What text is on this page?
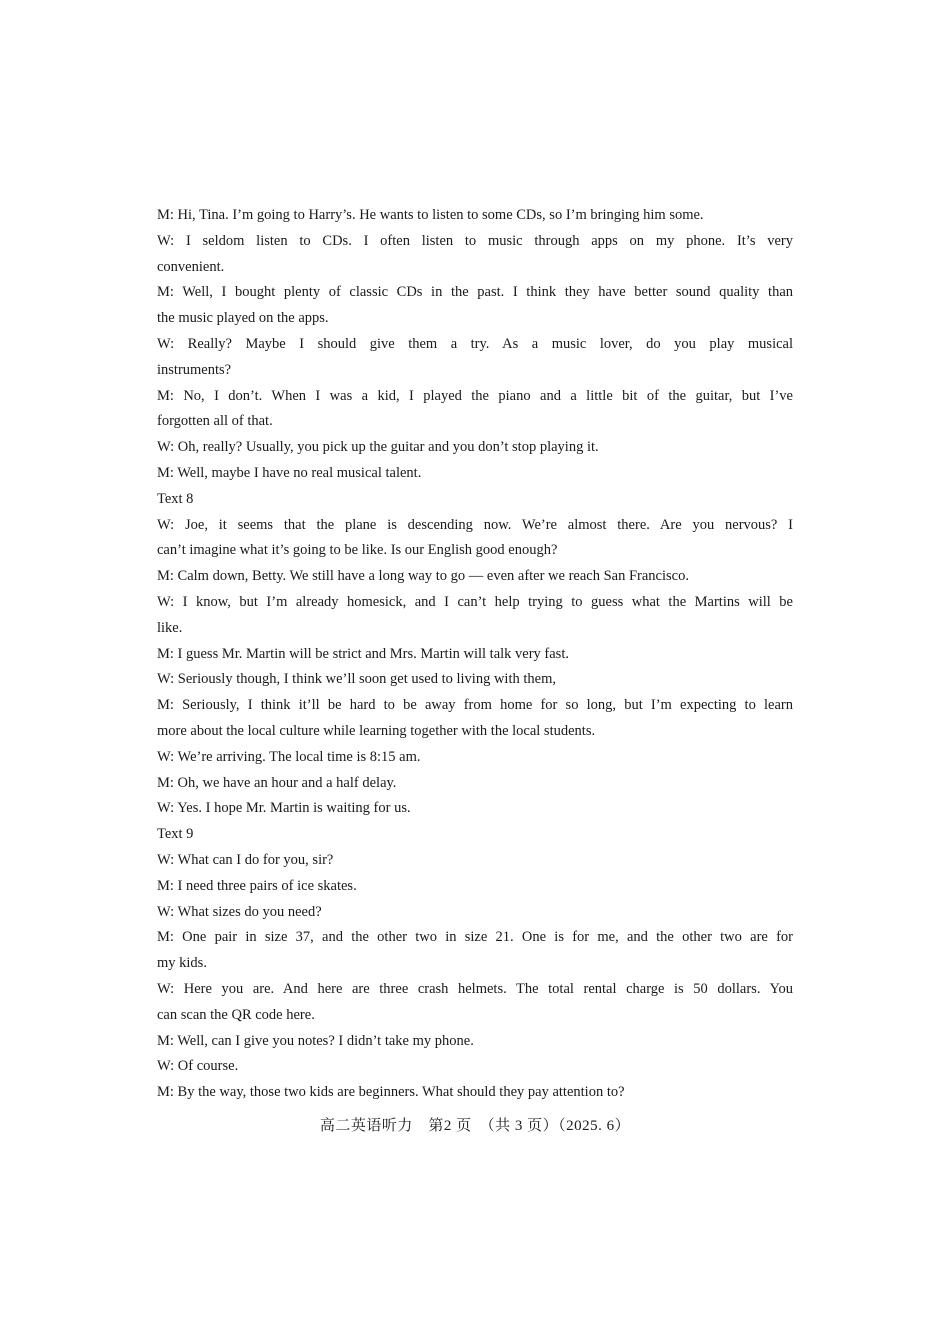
M: Hi, Tina. I’m going to Harry’s. He wants to listen to some CDs, so I’m bringing him some.
W: I seldom listen to CDs. I often listen to music through apps on my phone. It’s very
convenient.
M: Well, I bought plenty of classic CDs in the past. I think they have better sound quality than
the music played on the apps.
W: Really? Maybe I should give them a try. As a music lover, do you play musical
instruments?
M: No, I don’t. When I was a kid, I played the piano and a little bit of the guitar, but I’ve
forgotten all of that.
W: Oh, really? Usually, you pick up the guitar and you don’t stop playing it.
M: Well, maybe I have no real musical talent.
Text 8
W: Joe, it seems that the plane is descending now. We’re almost there. Are you nervous? I
can’t imagine what it’s going to be like. Is our English good enough?
M: Calm down, Betty. We still have a long way to go — even after we reach San Francisco.
W: I know, but I’m already homesick, and I can’t help trying to guess what the Martins will be
like.
M: I guess Mr. Martin will be strict and Mrs. Martin will talk very fast.
W: Seriously though, I think we’ll soon get used to living with them,
M: Seriously, I think it’ll be hard to be away from home for so long, but I’m expecting to learn
more about the local culture while learning together with the local students.
W: We’re arriving. The local time is 8:15 am.
M: Oh, we have an hour and a half delay.
W: Yes. I hope Mr. Martin is waiting for us.
Text 9
W: What can I do for you, sir?
M: I need three pairs of ice skates.
W: What sizes do you need?
M: One pair in size 37, and the other two in size 21. One is for me, and the other two are for
my kids.
W: Here you are. And here are three crash helmets. The total rental charge is 50 dollars. You
can scan the QR code here.
M: Well, can I give you notes? I didn’t take my phone.
W: Of course.
M: By the way, those two kids are beginners. What should they pay attention to?
高二英语听力　第2 页　（共 3 页）（2025. 6）
